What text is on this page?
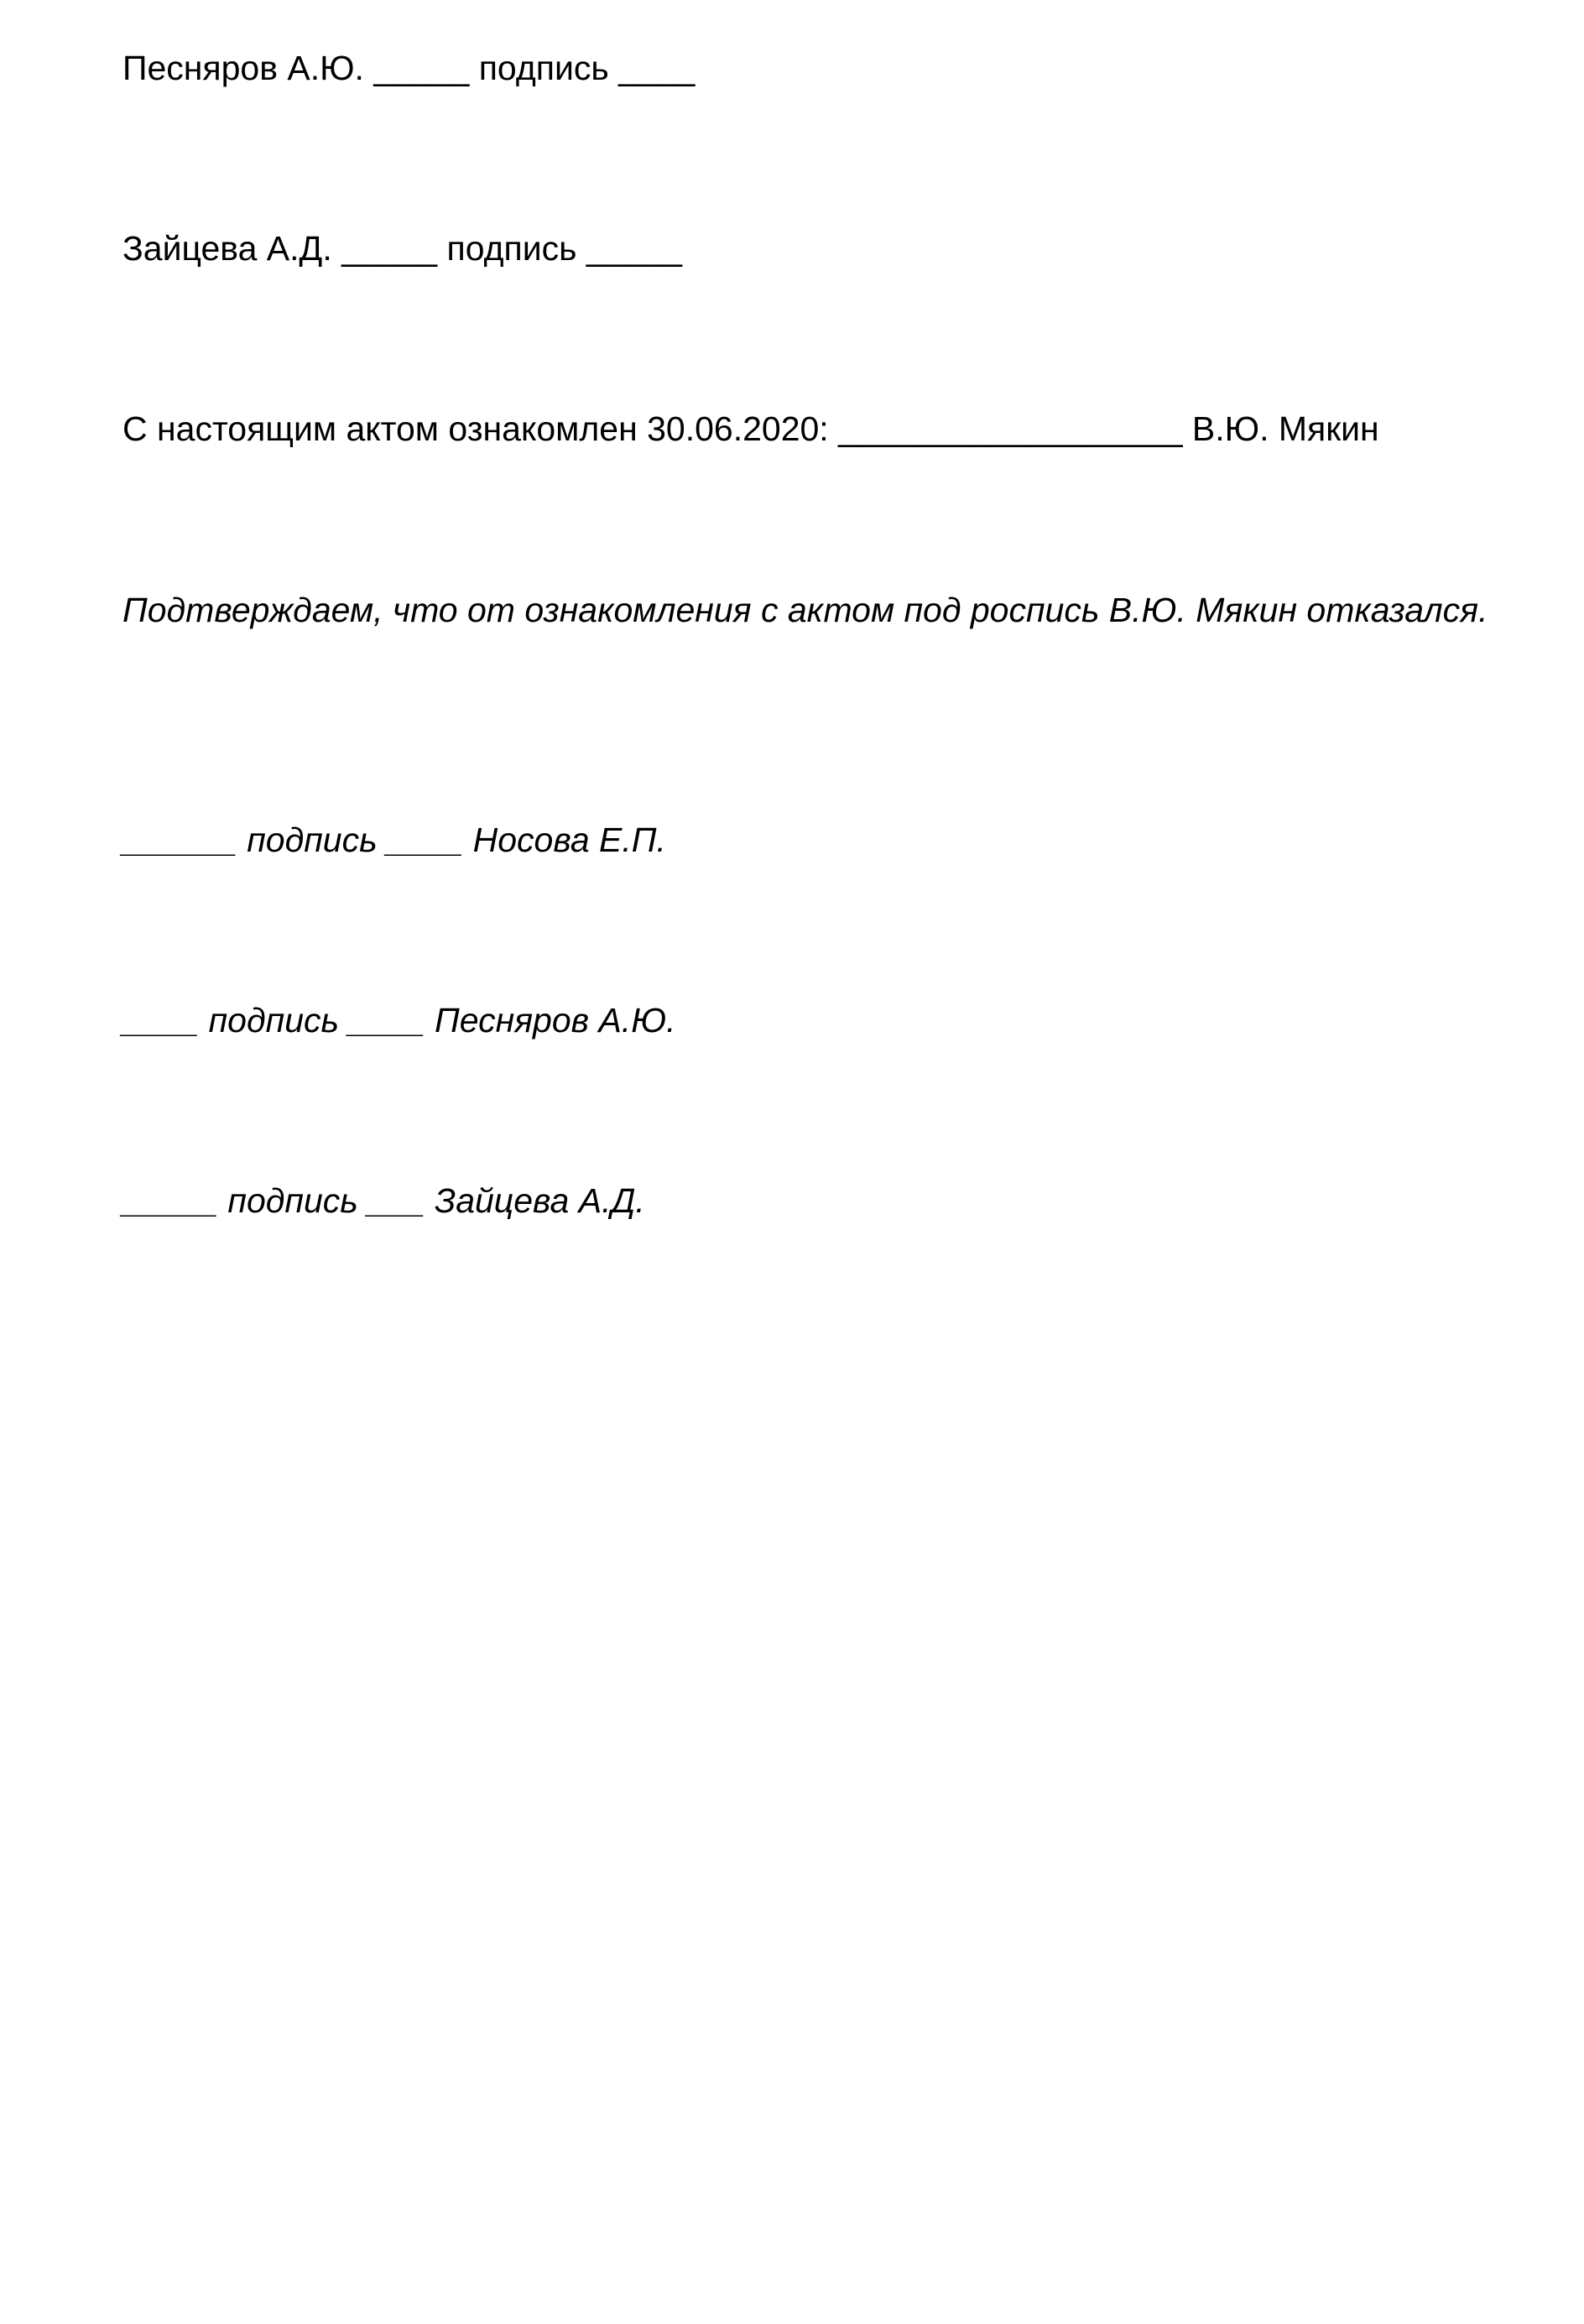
Песняров А.Ю. _____ подпись ____
Зайцева А.Д. _____ подпись _____
С настоящим актом ознакомлен 30.06.2020: __________________ В.Ю. Мякин
Подтверждаем, что от ознакомления с актом под роспись В.Ю. Мякин отказался.
______ подпись ____ Носова Е.П.
____ подпись ____ Песняров А.Ю.
_____ подпись ___ Зайцева А.Д.
